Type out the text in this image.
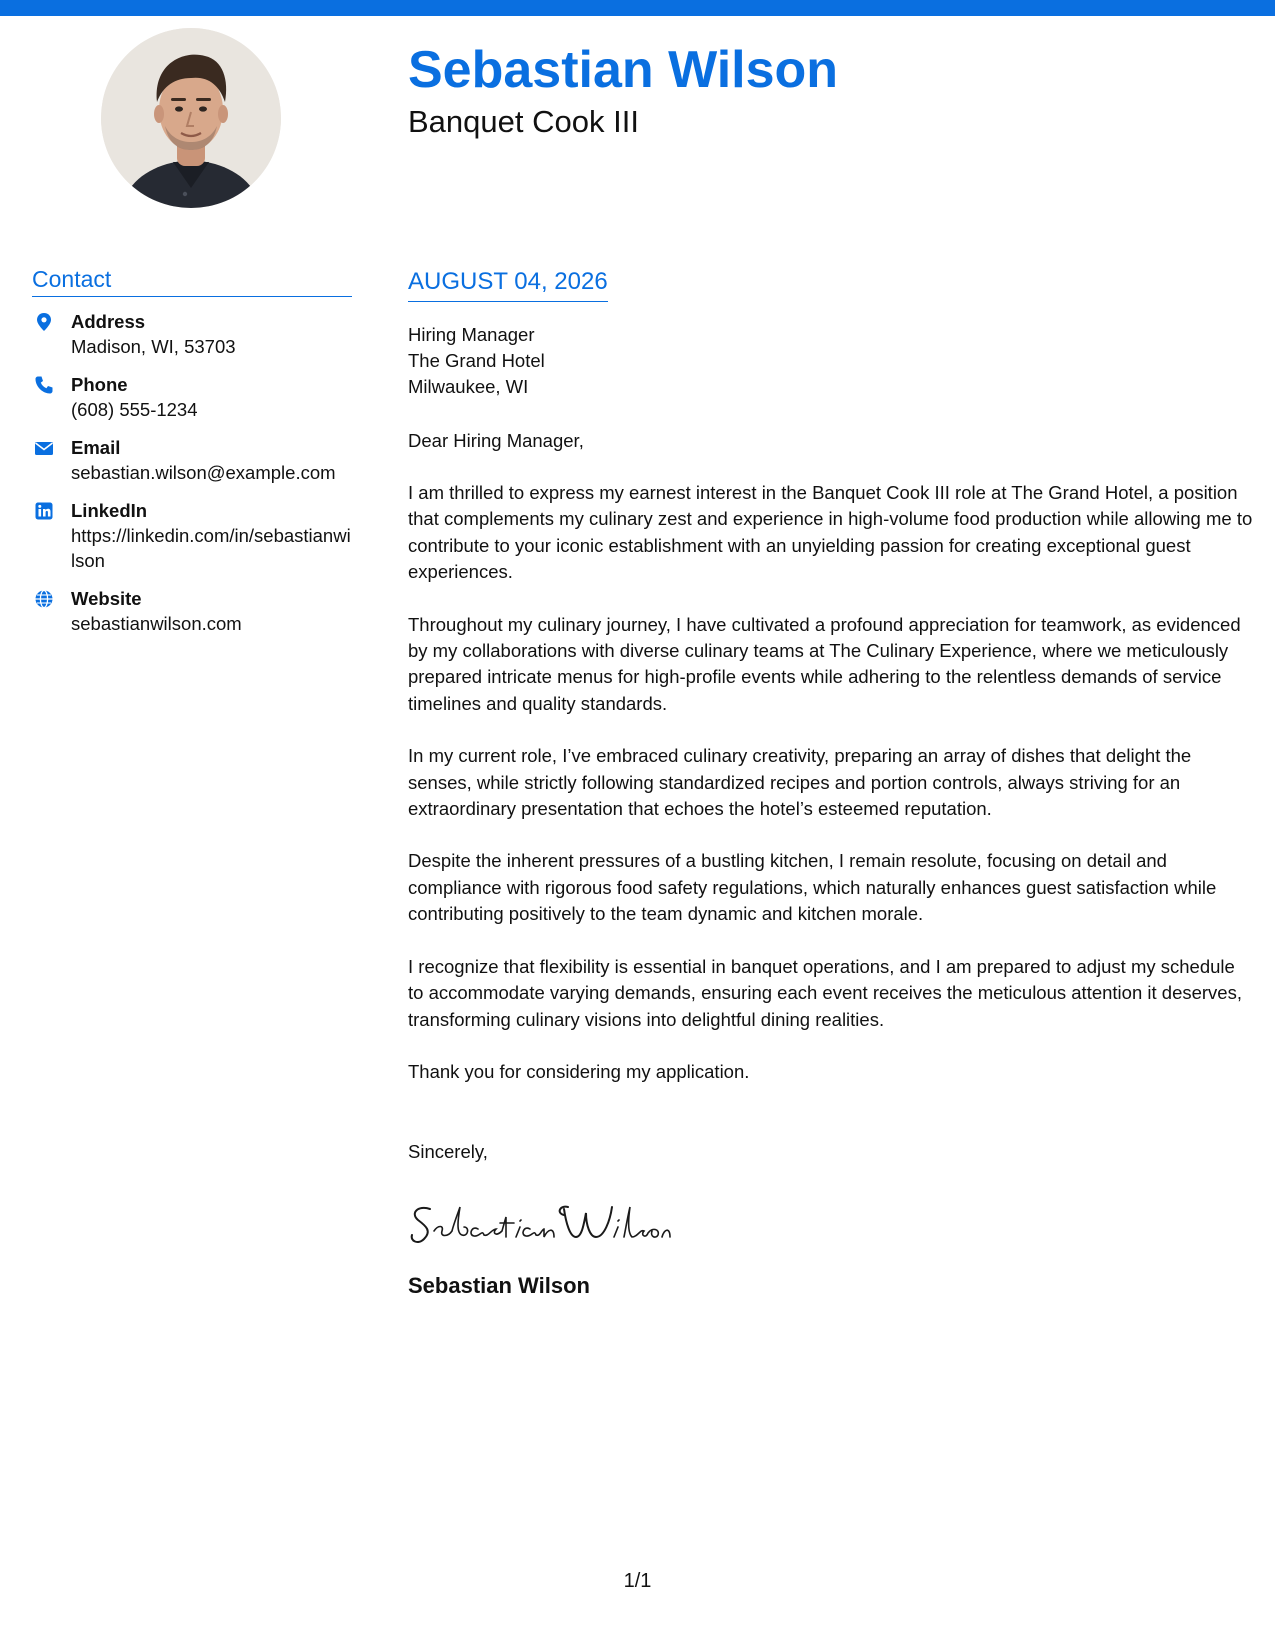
Sebastian Wilson
Banquet Cook III
Contact
Address
Madison, WI, 53703
Phone
(608) 555-1234
Email
sebastian.wilson@example.com
LinkedIn
https://linkedin.com/in/sebastianwilson
Website
sebastianwilson.com
AUGUST 04, 2026
Hiring Manager
The Grand Hotel
Milwaukee, WI
Dear Hiring Manager,
I am thrilled to express my earnest interest in the Banquet Cook III role at The Grand Hotel, a position that complements my culinary zest and experience in high-volume food production while allowing me to contribute to your iconic establishment with an unyielding passion for creating exceptional guest experiences.
Throughout my culinary journey, I have cultivated a profound appreciation for teamwork, as evidenced by my collaborations with diverse culinary teams at The Culinary Experience, where we meticulously prepared intricate menus for high-profile events while adhering to the relentless demands of service timelines and quality standards.
In my current role, I’ve embraced culinary creativity, preparing an array of dishes that delight the senses, while strictly following standardized recipes and portion controls, always striving for an extraordinary presentation that echoes the hotel’s esteemed reputation.
Despite the inherent pressures of a bustling kitchen, I remain resolute, focusing on detail and compliance with rigorous food safety regulations, which naturally enhances guest satisfaction while contributing positively to the team dynamic and kitchen morale.
I recognize that flexibility is essential in banquet operations, and I am prepared to adjust my schedule to accommodate varying demands, ensuring each event receives the meticulous attention it deserves, transforming culinary visions into delightful dining realities.
Thank you for considering my application.
Sincerely,
Sebastian Wilson
1/1
